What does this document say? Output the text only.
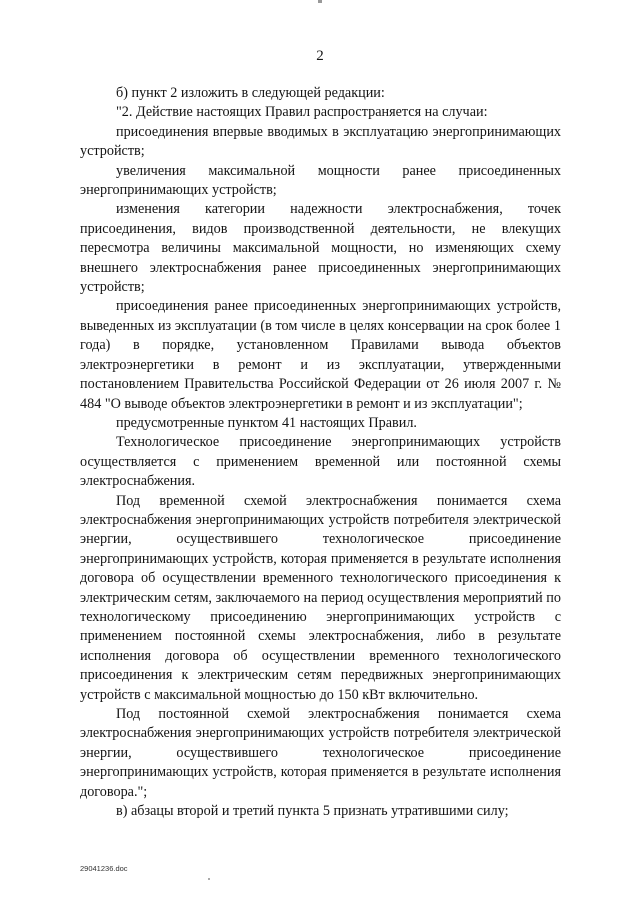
2

б) пункт 2 изложить в следующей редакции:

"2. Действие настоящих Правил распространяется на случаи:

присоединения впервые вводимых в эксплуатацию энергопринимающих устройств;

увеличения максимальной мощности ранее присоединенных энергопринимающих устройств;

изменения категории надежности электроснабжения, точек присоединения, видов производственной деятельности, не влекущих пересмотра величины максимальной мощности, но изменяющих схему внешнего электроснабжения ранее присоединенных энергопринимающих устройств;

присоединения ранее присоединенных энергопринимающих устройств, выведенных из эксплуатации (в том числе в целях консервации на срок более 1 года) в порядке, установленном Правилами вывода объектов электроэнергетики в ремонт и из эксплуатации, утвержденными постановлением Правительства Российской Федерации от 26 июля 2007 г. № 484 "О выводе объектов электроэнергетики в ремонт и из эксплуатации";

предусмотренные пунктом 41 настоящих Правил.

Технологическое присоединение энергопринимающих устройств осуществляется с применением временной или постоянной схемы электроснабжения.

Под временной схемой электроснабжения понимается схема электроснабжения энергопринимающих устройств потребителя электрической энергии, осуществившего технологическое присоединение энергопринимающих устройств, которая применяется в результате исполнения договора об осуществлении временного технологического присоединения к электрическим сетям, заключаемого на период осуществления мероприятий по технологическому присоединению энергопринимающих устройств с применением постоянной схемы электроснабжения, либо в результате исполнения договора об осуществлении временного технологического присоединения к электрическим сетям передвижных энергопринимающих устройств с максимальной мощностью до 150 кВт включительно.

Под постоянной схемой электроснабжения понимается схема электроснабжения энергопринимающих устройств потребителя электрической энергии, осуществившего технологическое присоединение энергопринимающих устройств, которая применяется в результате исполнения договора.";

в) абзацы второй и третий пункта 5 признать утратившими силу;

29041236.doc
